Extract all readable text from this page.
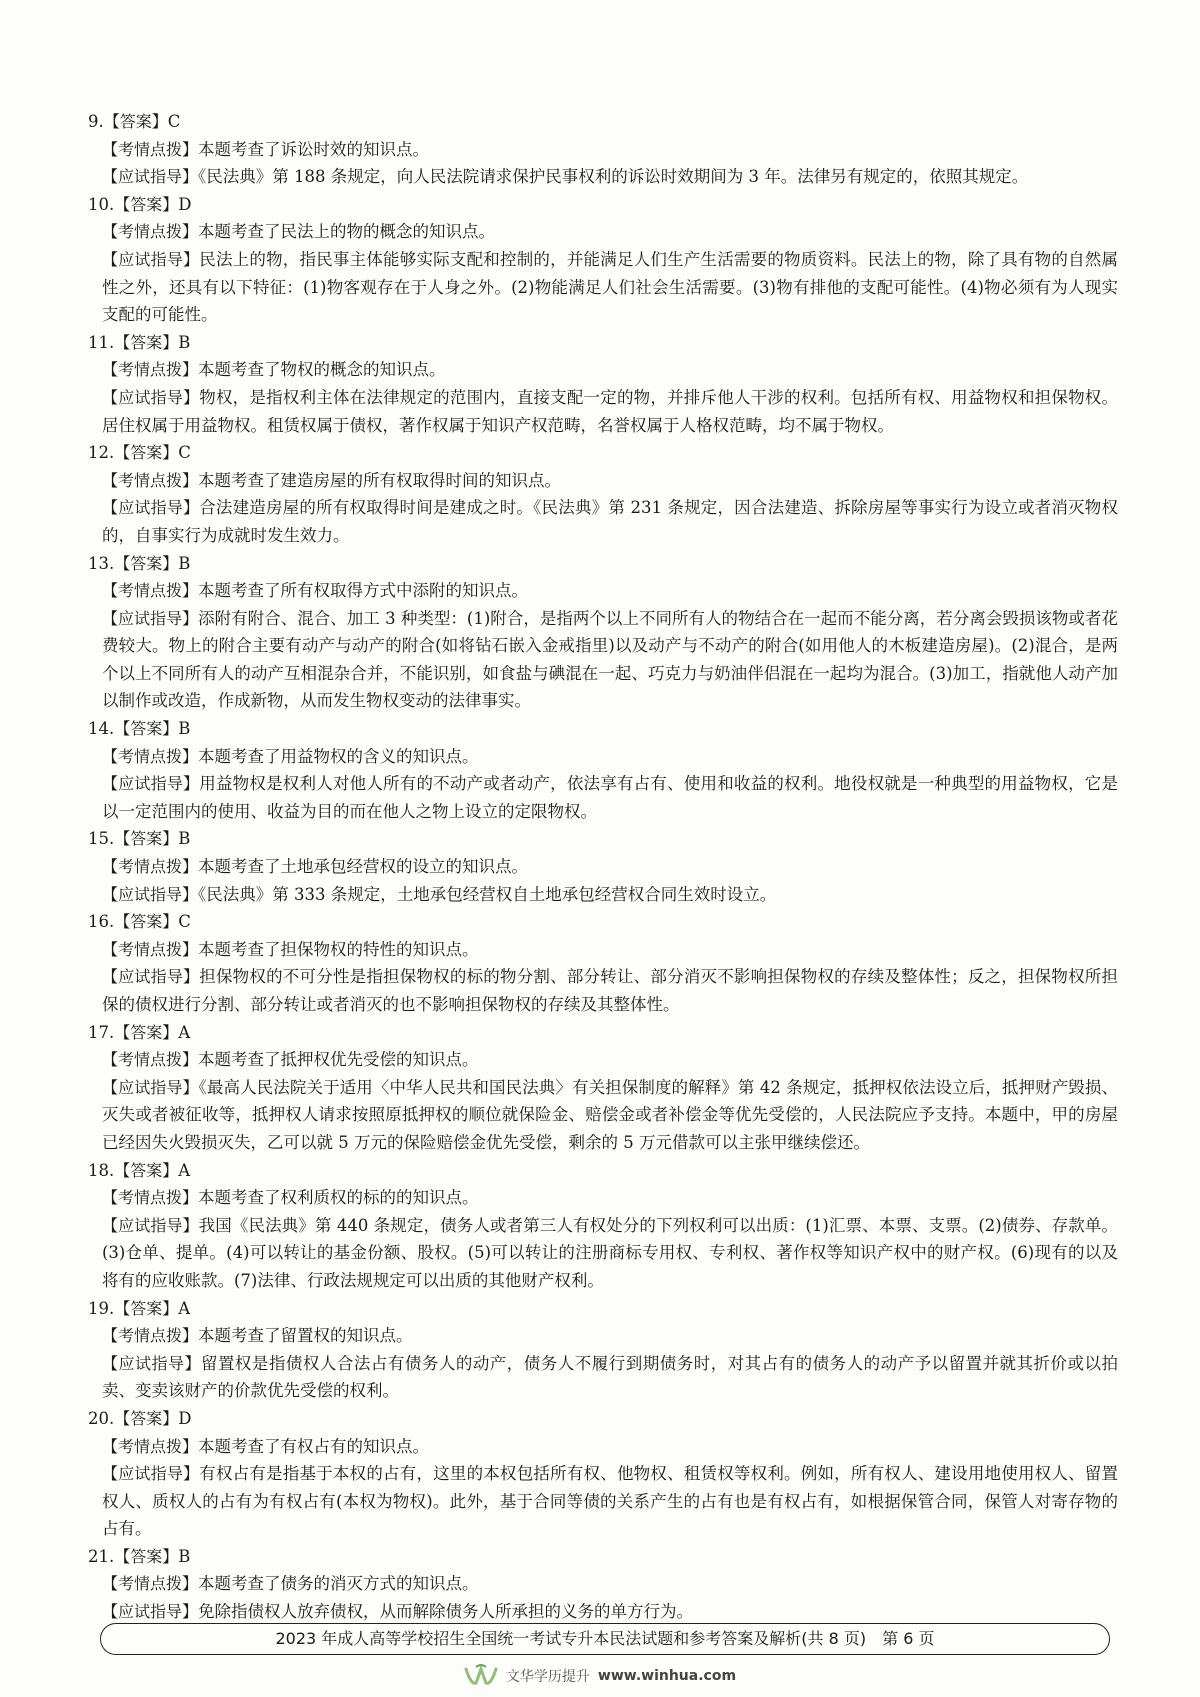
9.【答案】C

【考情点拨】本题考查了诉讼时效的知识点。

【应试指导】《民法典》第 188 条规定，向人民法院请求保护民事权利的诉讼时效期间为 3 年。法律另有规定的，依照其规定。

10.【答案】D

【考情点拨】本题考查了民法上的物的概念的知识点。

【应试指导】民法上的物，指民事主体能够实际支配和控制的，并能满足人们生产生活需要的物质资料。民法上的物，除了具有物的自然属性之外，还具有以下特征：(1)物客观存在于人身之外。(2)物能满足人们社会生活需要。(3)物有排他的支配可能性。(4)物必须有为人现实支配的可能性。

11.【答案】B

【考情点拨】本题考查了物权的概念的知识点。

【应试指导】物权，是指权利主体在法律规定的范围内，直接支配一定的物，并排斥他人干涉的权利。包括所有权、用益物权和担保物权。居住权属于用益物权。租赁权属于债权，著作权属于知识产权范畴，名誉权属于人格权范畴，均不属于物权。

12.【答案】C

【考情点拨】本题考查了建造房屋的所有权取得时间的知识点。

【应试指导】合法建造房屋的所有权取得时间是建成之时。《民法典》第 231 条规定，因合法建造、拆除房屋等事实行为设立或者消灭物权的，自事实行为成就时发生效力。

13.【答案】B

【考情点拨】本题考查了所有权取得方式中添附的知识点。

【应试指导】添附有附合、混合、加工 3 种类型：(1)附合，是指两个以上不同所有人的物结合在一起而不能分离，若分离会毁损该物或者花费较大。物上的附合主要有动产与动产的附合(如将钻石嵌入金戒指里)以及动产与不动产的附合(如用他人的木板建造房屋)。(2)混合，是两个以上不同所有人的动产互相混杂合并，不能识别，如食盐与碘混在一起、巧克力与奶油伴侣混在一起均为混合。(3)加工，指就他人动产加以制作或改造，作成新物，从而发生物权变动的法律事实。

14.【答案】B

【考情点拨】本题考查了用益物权的含义的知识点。

【应试指导】用益物权是权利人对他人所有的不动产或者动产，依法享有占有、使用和收益的权利。地役权就是一种典型的用益物权，它是以一定范围内的使用、收益为目的而在他人之物上设立的定限物权。

15.【答案】B

【考情点拨】本题考查了土地承包经营权的设立的知识点。

【应试指导】《民法典》第 333 条规定，土地承包经营权自土地承包经营权合同生效时设立。

16.【答案】C

【考情点拨】本题考查了担保物权的特性的知识点。

【应试指导】担保物权的不可分性是指担保物权的标的物分割、部分转让、部分消灭不影响担保物权的存续及整体性；反之，担保物权所担保的债权进行分割、部分转让或者消灭的也不影响担保物权的存续及其整体性。

17.【答案】A

【考情点拨】本题考查了抵押权优先受偿的知识点。

【应试指导】《最高人民法院关于适用〈中华人民共和国民法典〉有关担保制度的解释》第 42 条规定，抵押权依法设立后，抵押财产毁损、灭失或者被征收等，抵押权人请求按照原抵押权的顺位就保险金、赔偿金或者补偿金等优先受偿的，人民法院应予支持。本题中，甲的房屋已经因失火毁损灭失，乙可以就 5 万元的保险赔偿金优先受偿，剩余的 5 万元借款可以主张甲继续偿还。

18.【答案】A

【考情点拨】本题考查了权利质权的标的的知识点。

【应试指导】我国《民法典》第 440 条规定，债务人或者第三人有权处分的下列权利可以出质：(1)汇票、本票、支票。(2)债券、存款单。(3)仓单、提单。(4)可以转让的基金份额、股权。(5)可以转让的注册商标专用权、专利权、著作权等知识产权中的财产权。(6)现有的以及将有的应收账款。(7)法律、行政法规规定可以出质的其他财产权利。

19.【答案】A

【考情点拨】本题考查了留置权的知识点。

【应试指导】留置权是指债权人合法占有债务人的动产，债务人不履行到期债务时，对其占有的债务人的动产予以留置并就其折价或以拍卖、变卖该财产的价款优先受偿的权利。

20.【答案】D

【考情点拨】本题考查了有权占有的知识点。

【应试指导】有权占有是指基于本权的占有，这里的本权包括所有权、他物权、租赁权等权利。例如，所有权人、建设用地使用权人、留置权人、质权人的占有为有权占有(本权为物权)。此外，基于合同等债的关系产生的占有也是有权占有，如根据保管合同，保管人对寄存物的占有。

21.【答案】B

【考情点拨】本题考查了债务的消灭方式的知识点。

【应试指导】免除指债权人放弃债权，从而解除债务人所承担的义务的单方行为。

2023 年成人高等学校招生全国统一考试专升本民法试题和参考答案及解析(共 8 页)　第 6 页
文华学历提升 www.winhua.com
